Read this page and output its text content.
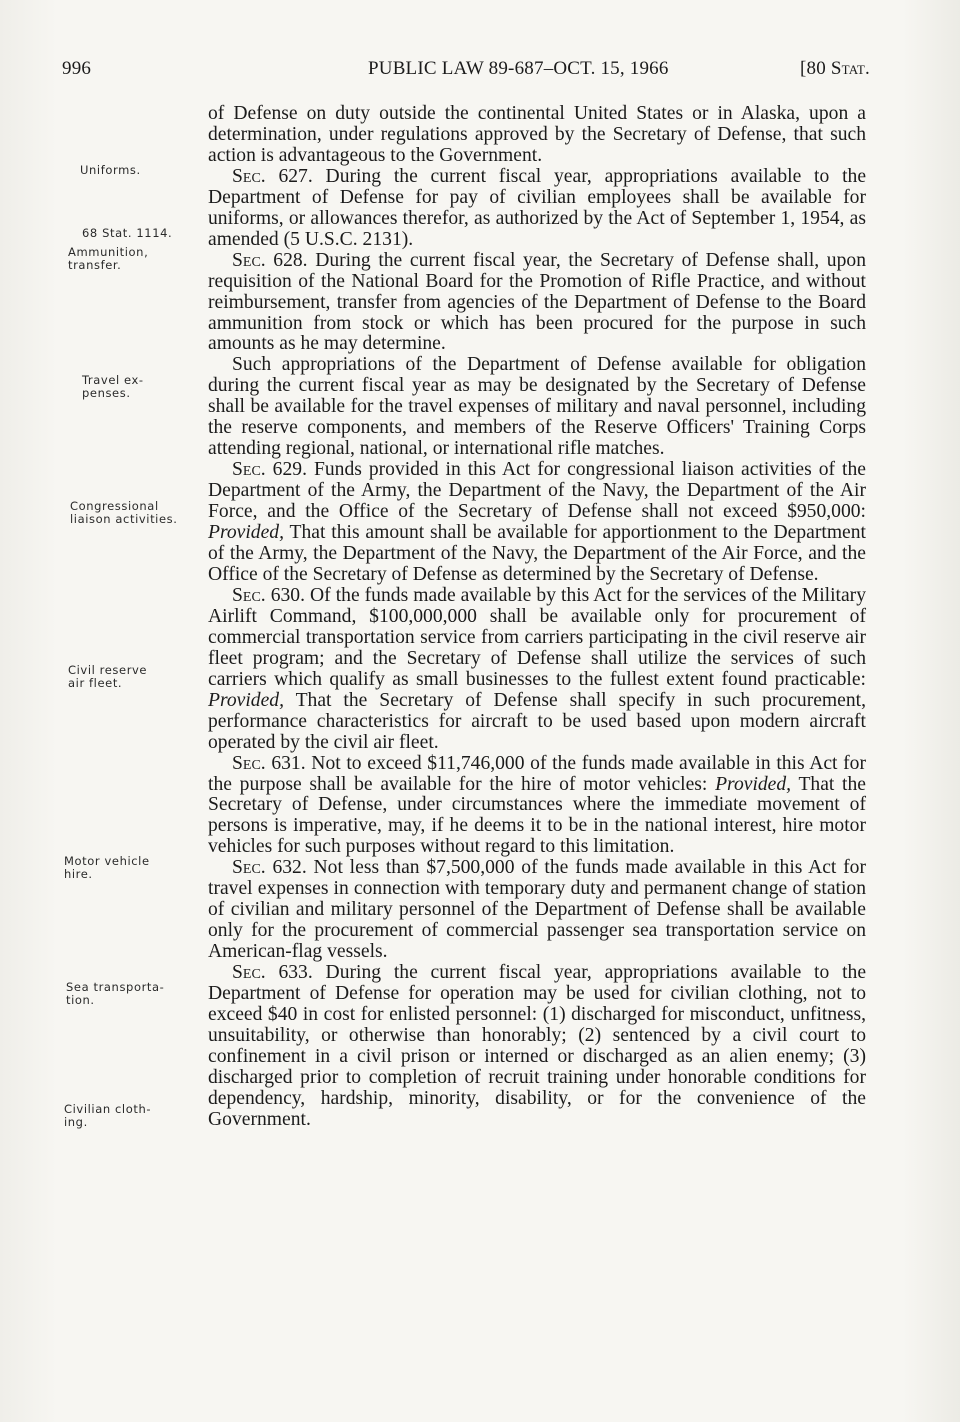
996	PUBLIC LAW 89-687–OCT. 15, 1966	[80 Stat.
Uniforms.
68 Stat. 1114.
Ammunition,
transfer.
Travel ex-
penses.
Congressional
liaison activities.
Civil reserve
air fleet.
Motor vehicle
hire.
Sea transporta-
tion.
Civilian cloth-
ing.

of Defense on duty outside the continental United States or in Alaska, upon a determination, under regulations approved by the Secretary of Defense, that such action is advantageous to the Government.

Sec. 627. During the current fiscal year, appropriations available to the Department of Defense for pay of civilian employees shall be available for uniforms, or allowances therefor, as authorized by the Act of September 1, 1954, as amended (5 U.S.C. 2131).

Sec. 628. During the current fiscal year, the Secretary of Defense shall, upon requisition of the National Board for the Promotion of Rifle Practice, and without reimbursement, transfer from agencies of the Department of Defense to the Board ammunition from stock or which has been procured for the purpose in such amounts as he may determine.

Such appropriations of the Department of Defense available for obligation during the current fiscal year as may be designated by the Secretary of Defense shall be available for the travel expenses of military and naval personnel, including the reserve components, and members of the Reserve Officers' Training Corps attending regional, national, or international rifle matches.

Sec. 629. Funds provided in this Act for congressional liaison activities of the Department of the Army, the Department of the Navy, the Department of the Air Force, and the Office of the Secretary of Defense shall not exceed $950,000: Provided, That this amount shall be available for apportionment to the Department of the Army, the Department of the Navy, the Department of the Air Force, and the Office of the Secretary of Defense as determined by the Secretary of Defense.

Sec. 630. Of the funds made available by this Act for the services of the Military Airlift Command, $100,000,000 shall be available only for procurement of commercial transportation service from carriers participating in the civil reserve air fleet program; and the Secretary of Defense shall utilize the services of such carriers which qualify as small businesses to the fullest extent found practicable: Provided, That the Secretary of Defense shall specify in such procurement, performance characteristics for aircraft to be used based upon modern aircraft operated by the civil air fleet.

Sec. 631. Not to exceed $11,746,000 of the funds made available in this Act for the purpose shall be available for the hire of motor vehicles: Provided, That the Secretary of Defense, under circumstances where the immediate movement of persons is imperative, may, if he deems it to be in the national interest, hire motor vehicles for such purposes without regard to this limitation.

Sec. 632. Not less than $7,500,000 of the funds made available in this Act for travel expenses in connection with temporary duty and permanent change of station of civilian and military personnel of the Department of Defense shall be available only for the procurement of commercial passenger sea transportation service on American-flag vessels.

Sec. 633. During the current fiscal year, appropriations available to the Department of Defense for operation may be used for civilian clothing, not to exceed $40 in cost for enlisted personnel: (1) discharged for misconduct, unfitness, unsuitability, or otherwise than honorably; (2) sentenced by a civil court to confinement in a civil prison or interned or discharged as an alien enemy; (3) discharged prior to completion of recruit training under honorable conditions for dependency, hardship, minority, disability, or for the convenience of the Government.
